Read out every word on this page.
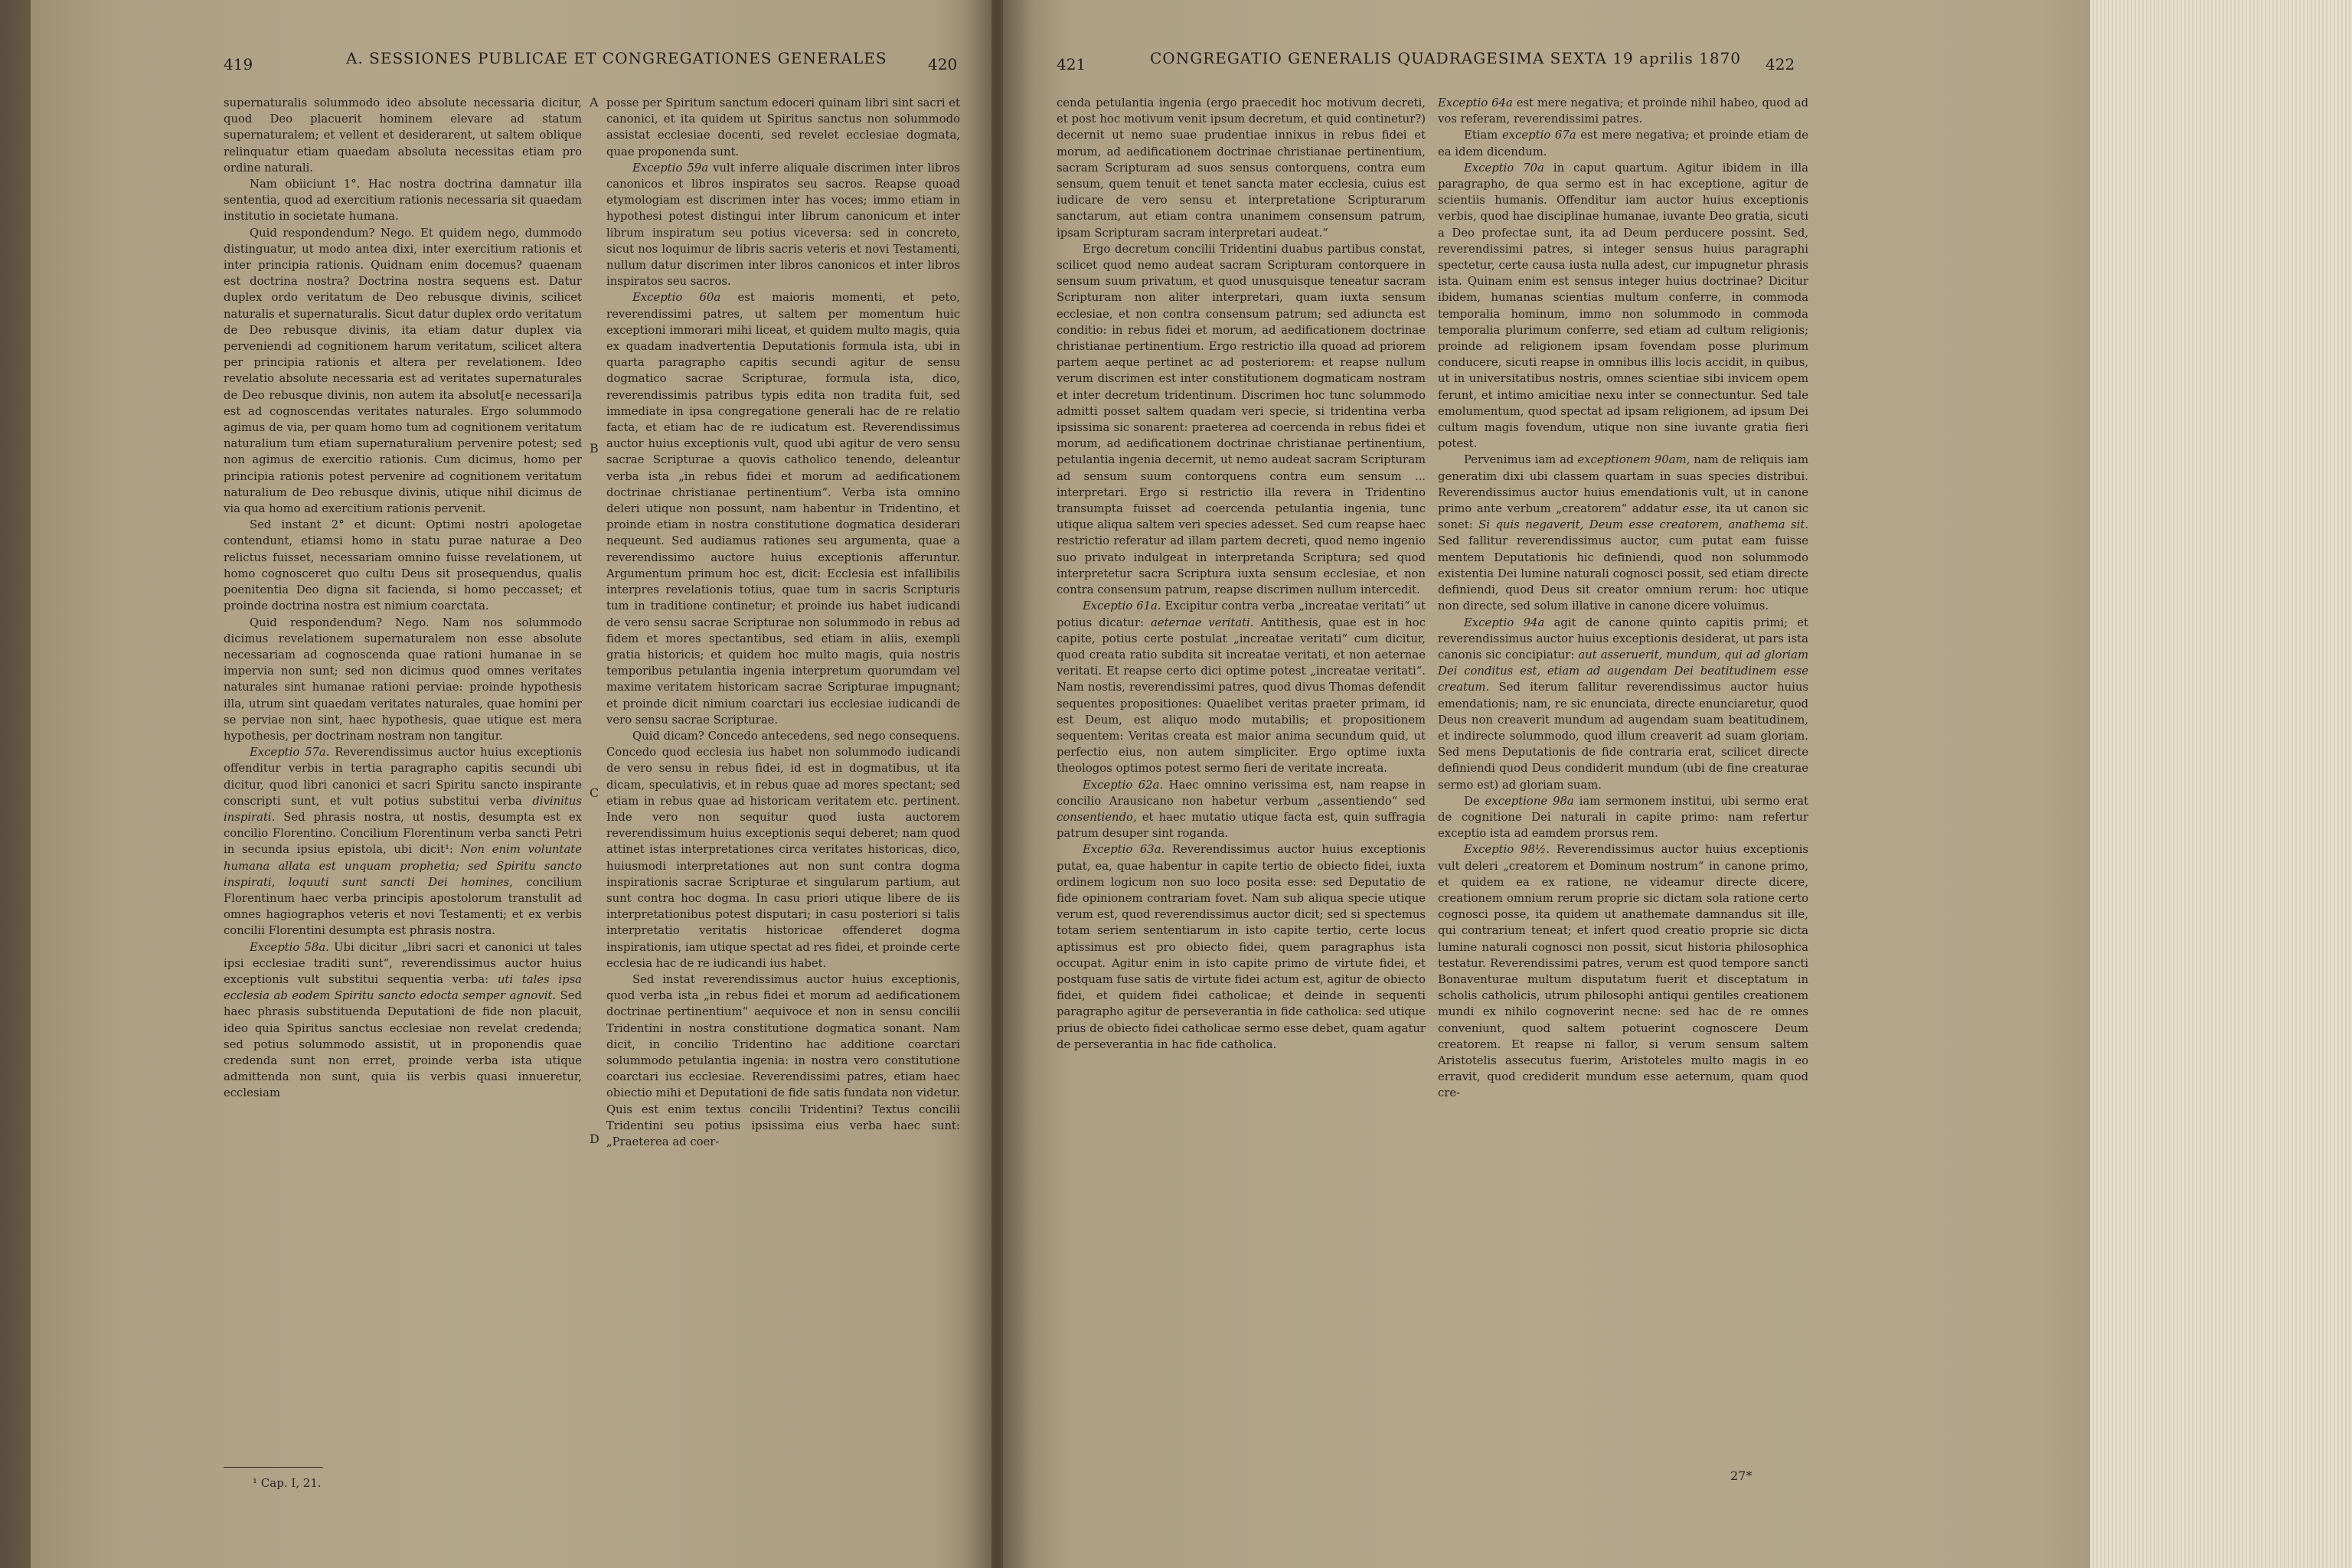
419	A. SESSIONES PUBLICAE ET CONGREGATIONES GENERALES	420

supernaturalis solummodo ideo absolute necessaria dicitur, quod Deo placuerit hominem elevare ad statum supernaturalem; et vellent et desiderarent, ut saltem oblique relinquatur etiam quaedam absoluta necessitas etiam pro ordine naturali.

Nam obiiciunt 1°. Hac nostra doctrina damnatur illa sententia, quod ad exercitium rationis necessaria sit quaedam institutio in societate humana.

Quid respondendum? Nego. Et quidem nego, dummodo distinguatur, ut modo antea dixi, inter exercitium rationis et inter principia rationis. Quidnam enim docemus? quaenam est doctrina nostra? Doctrina nostra sequens est. Datur duplex ordo veritatum de Deo rebusque divinis, scilicet naturalis et supernaturalis. Sicut datur duplex ordo veritatum de Deo rebusque divinis, ita etiam datur duplex via perveniendi ad cognitionem harum veritatum, scilicet altera per principia rationis et altera per revelationem. Ideo revelatio absolute necessaria est ad veritates supernaturales de Deo rebusque divinis, non autem ita absolut[e necessari]a est ad cognoscendas veritates naturales. Ergo solummodo agimus de via, per quam homo tum ad cognitionem veritatum naturalium tum etiam supernaturalium pervenire potest; sed non agimus de exercitio rationis. Cum dicimus, homo per principia rationis potest pervenire ad cognitionem veritatum naturalium de Deo rebusque divinis, utique nihil dicimus de via qua homo ad exercitium rationis pervenit.

Sed instant 2° et dicunt: Optimi nostri apologetae contendunt, etiamsi homo in statu purae naturae a Deo relictus fuisset, necessariam omnino fuisse revelationem, ut homo cognosceret quo cultu Deus sit prosequendus, qualis poenitentia Deo digna sit facienda, si homo peccasset; et proinde doctrina nostra est nimium coarctata.

Quid respondendum? Nego. Nam nos solummodo dicimus revelationem supernaturalem non esse absolute necessariam ad cognoscenda quae rationi humanae in se impervia non sunt; sed non dicimus quod omnes veritates naturales sint humanae rationi perviae: proinde hypothesis illa, utrum sint quaedam veritates naturales, quae homini per se perviae non sint, haec hypothesis, quae utique est mera hypothesis, per doctrinam nostram non tangitur.

Exceptio 57a. Reverendissimus auctor huius exceptionis offenditur verbis in tertia paragrapho capitis secundi ubi dicitur, quod libri canonici et sacri Spiritu sancto inspirante conscripti sunt, et vult potius substitui verba divinitus inspirati. Sed phrasis nostra, ut nostis, desumpta est ex concilio Florentino. Concilium Florentinum verba sancti Petri in secunda ipsius epistola, ubi dicit¹: Non enim voluntate humana allata est unquam prophetia; sed Spiritu sancto inspirati, loquuti sunt sancti Dei homines, concilium Florentinum haec verba principis apostolorum transtulit ad omnes hagiographos veteris et novi Testamenti; et ex verbis concilii Florentini desumpta est phrasis nostra.

Exceptio 58a. Ubi dicitur „libri sacri et canonici ut tales ipsi ecclesiae traditi sunt“, reverendissimus auctor huius exceptionis vult substitui sequentia verba: uti tales ipsa ecclesia ab eodem Spiritu sancto edocta semper agnovit. Sed haec phrasis substituenda Deputationi de fide non placuit, ideo quia Spiritus sanctus ecclesiae non revelat credenda; sed potius solummodo assistit, ut in proponendis quae credenda sunt non erret, proinde verba ista utique admittenda non sunt, quia iis verbis quasi innueretur, ecclesiam

posse per Spiritum sanctum edoceri quinam libri sint sacri et canonici, et ita quidem ut Spiritus sanctus non solummodo assistat ecclesiae docenti, sed revelet ecclesiae dogmata, quae proponenda sunt.

Exceptio 59a vult inferre aliquale discrimen inter libros canonicos et libros inspiratos seu sacros. Reapse quoad etymologiam est discrimen inter has voces; immo etiam in hypothesi potest distingui inter librum canonicum et inter librum inspiratum seu potius viceversa: sed in concreto, sicut nos loquimur de libris sacris veteris et novi Testamenti, nullum datur discrimen inter libros canonicos et inter libros inspiratos seu sacros.

Exceptio 60a est maioris momenti, et peto, reverendissimi patres, ut saltem per momentum huic exceptioni immorari mihi liceat, et quidem multo magis, quia ex quadam inadvertentia Deputationis formula ista, ubi in quarta paragrapho capitis secundi agitur de sensu dogmatico sacrae Scripturae, formula ista, dico, reverendissimis patribus typis edita non tradita fuit, sed immediate in ipsa congregatione generali hac de re relatio facta, et etiam hac de re iudicatum est. Reverendissimus auctor huius exceptionis vult, quod ubi agitur de vero sensu sacrae Scripturae a quovis catholico tenendo, deleantur verba ista „in rebus fidei et morum ad aedificationem doctrinae christianae pertinentium“. Verba ista omnino deleri utique non possunt, nam habentur in Tridentino, et proinde etiam in nostra constitutione dogmatica desiderari nequeunt. Sed audiamus rationes seu argumenta, quae a reverendissimo auctore huius exceptionis afferuntur. Argumentum primum hoc est, dicit: Ecclesia est infallibilis interpres revelationis totius, quae tum in sacris Scripturis tum in traditione continetur; et proinde ius habet iudicandi de vero sensu sacrae Scripturae non solummodo in rebus ad fidem et mores spectantibus, sed etiam in aliis, exempli gratia historicis; et quidem hoc multo magis, quia nostris temporibus petulantia ingenia interpretum quorumdam vel maxime veritatem historicam sacrae Scripturae impugnant; et proinde dicit nimium coarctari ius ecclesiae iudicandi de vero sensu sacrae Scripturae.

Quid dicam? Concedo antecedens, sed nego consequens. Concedo quod ecclesia ius habet non solummodo iudicandi de vero sensu in rebus fidei, id est in dogmatibus, ut ita dicam, speculativis, et in rebus quae ad mores spectant; sed etiam in rebus quae ad historicam veritatem etc. pertinent. Inde vero non sequitur quod iusta auctorem reverendissimum huius exceptionis sequi deberet; nam quod attinet istas interpretationes circa veritates historicas, dico, huiusmodi interpretationes aut non sunt contra dogma inspirationis sacrae Scripturae et singularum partium, aut sunt contra hoc dogma. In casu priori utique libere de iis interpretationibus potest disputari; in casu posteriori si talis interpretatio veritatis historicae offenderet dogma inspirationis, iam utique spectat ad res fidei, et proinde certe ecclesia hac de re iudicandi ius habet.

Sed instat reverendissimus auctor huius exceptionis, quod verba ista „in rebus fidei et morum ad aedificationem doctrinae pertinentium“ aequivoce et non in sensu concilii Tridentini in nostra constitutione dogmatica sonant. Nam dicit, in concilio Tridentino hac additione coarctari solummodo petulantia ingenia: in nostra vero constitutione coarctari ius ecclesiae. Reverendissimi patres, etiam haec obiectio mihi et Deputationi de fide satis fundata non videtur. Quis est enim textus concilii Tridentini? Textus concilii Tridentini seu potius ipsissima eius verba haec sunt: „Praeterea ad coer-

A
B
C
D
¹ Cap. I, 21.
421	CONGREGATIO GENERALIS QUADRAGESIMA SEXTA 19 aprilis 1870 422

cenda petulantia ingenia (ergo praecedit hoc motivum decreti, et post hoc motivum venit ipsum decretum, et quid continetur?) decernit ut nemo suae prudentiae innixus in rebus fidei et morum, ad aedificationem doctrinae christianae pertinentium, sacram Scripturam ad suos sensus contorquens, contra eum sensum, quem tenuit et tenet sancta mater ecclesia, cuius est iudicare de vero sensu et interpretatione Scripturarum sanctarum, aut etiam contra unanimem consensum patrum, ipsam Scripturam sacram interpretari audeat.“

Ergo decretum concilii Tridentini duabus partibus constat, scilicet quod nemo audeat sacram Scripturam contorquere in sensum suum privatum, et quod unusquisque teneatur sacram Scripturam non aliter interpretari, quam iuxta sensum ecclesiae, et non contra consensum patrum; sed adiuncta est conditio: in rebus fidei et morum, ad aedificationem doctrinae christianae pertinentium. Ergo restrictio illa quoad ad priorem partem aeque pertinet ac ad posteriorem: et reapse nullum verum discrimen est inter constitutionem dogmaticam nostram et inter decretum tridentinum. Discrimen hoc tunc solummodo admitti posset saltem quadam veri specie, si tridentina verba ipsissima sic sonarent: praeterea ad coercenda in rebus fidei et morum, ad aedificationem doctrinae christianae pertinentium, petulantia ingenia decernit, ut nemo audeat sacram Scripturam ad sensum suum contorquens contra eum sensum ... interpretari. Ergo si restrictio illa revera in Tridentino transumpta fuisset ad coercenda petulantia ingenia, tunc utique aliqua saltem veri species adesset. Sed cum reapse haec restrictio referatur ad illam partem decreti, quod nemo ingenio suo privato indulgeat in interpretanda Scriptura; sed quod interpretetur sacra Scriptura iuxta sensum ecclesiae, et non contra consensum patrum, reapse discrimen nullum intercedit.

Exceptio 61a. Excipitur contra verba „increatae veritati“ ut potius dicatur: aeternae veritati. Antithesis, quae est in hoc capite, potius certe postulat „increatae veritati“ cum dicitur, quod creata ratio subdita sit increatae veritati, et non aeternae veritati. Et reapse certo dici optime potest „increatae veritati“. Nam nostis, reverendissimi patres, quod divus Thomas defendit sequentes propositiones: Quaelibet veritas praeter primam, id est Deum, est aliquo modo mutabilis; et propositionem sequentem: Veritas creata est maior anima secundum quid, ut perfectio eius, non autem simpliciter. Ergo optime iuxta theologos optimos potest sermo fieri de veritate increata.

Exceptio 62a. Haec omnino verissima est, nam reapse in concilio Arausicano non habetur verbum „assentiendo“ sed consentiendo, et haec mutatio utique facta est, quin suffragia patrum desuper sint roganda.

Exceptio 63a. Reverendissimus auctor huius exceptionis putat, ea, quae habentur in capite tertio de obiecto fidei, iuxta ordinem logicum non suo loco posita esse: sed Deputatio de fide opinionem contrariam fovet. Nam sub aliqua specie utique verum est, quod reverendissimus auctor dicit; sed si spectemus totam seriem sententiarum in isto capite tertio, certe locus aptissimus est pro obiecto fidei, quem paragraphus ista occupat. Agitur enim in isto capite primo de virtute fidei, et postquam fuse satis de virtute fidei actum est, agitur de obiecto fidei, et quidem fidei catholicae; et deinde in sequenti paragrapho agitur de perseverantia in fide catholica: sed utique prius de obiecto fidei catholicae sermo esse debet, quam agatur de perseverantia in hac fide catholica.

Exceptio 64a est mere negativa; et proinde nihil habeo, quod ad vos referam, reverendissimi patres.

Etiam exceptio 67a est mere negativa; et proinde etiam de ea idem dicendum.

Exceptio 70a in caput quartum. Agitur ibidem in illa paragrapho, de qua sermo est in hac exceptione, agitur de scientiis humanis. Offenditur iam auctor huius exceptionis verbis, quod hae disciplinae humanae, iuvante Deo gratia, sicuti a Deo profectae sunt, ita ad Deum perducere possint. Sed, reverendissimi patres, si integer sensus huius paragraphi spectetur, certe causa iusta nulla adest, cur impugnetur phrasis ista. Quinam enim est sensus integer huius doctrinae? Dicitur ibidem, humanas scientias multum conferre, in commoda temporalia hominum, immo non solummodo in commoda temporalia plurimum conferre, sed etiam ad cultum religionis; proinde ad religionem ipsam fovendam posse plurimum conducere, sicuti reapse in omnibus illis locis accidit, in quibus, ut in universitatibus nostris, omnes scientiae sibi invicem opem ferunt, et intimo amicitiae nexu inter se connectuntur. Sed tale emolumentum, quod spectat ad ipsam religionem, ad ipsum Dei cultum magis fovendum, utique non sine iuvante gratia fieri potest.

Pervenimus iam ad exceptionem 90am, nam de reliquis iam generatim dixi ubi classem quartam in suas species distribui. Reverendissimus auctor huius emendationis vult, ut in canone primo ante verbum „creatorem“ addatur esse, ita ut canon sic sonet: Si quis negaverit, Deum esse creatorem, anathema sit. Sed fallitur reverendissimus auctor, cum putat eam fuisse mentem Deputationis hic definiendi, quod non solummodo existentia Dei lumine naturali cognosci possit, sed etiam directe definiendi, quod Deus sit creator omnium rerum: hoc utique non directe, sed solum illative in canone dicere voluimus.

Exceptio 94a agit de canone quinto capitis primi; et reverendissimus auctor huius exceptionis desiderat, ut pars ista canonis sic concipiatur: aut asseruerit, mundum, qui ad gloriam Dei conditus est, etiam ad augendam Dei beatitudinem esse creatum. Sed iterum fallitur reverendissimus auctor huius emendationis; nam, re sic enunciata, directe enunciaretur, quod Deus non creaverit mundum ad augendam suam beatitudinem, et indirecte solummodo, quod illum creaverit ad suam gloriam. Sed mens Deputationis de fide contraria erat, scilicet directe definiendi quod Deus condiderit mundum (ubi de fine creaturae sermo est) ad gloriam suam.

De exceptione 98a iam sermonem institui, ubi sermo erat de cognitione Dei naturali in capite primo: nam refertur exceptio ista ad eamdem prorsus rem.

Exceptio 98½. Reverendissimus auctor huius exceptionis vult deleri „creatorem et Dominum nostrum“ in canone primo, et quidem ea ex ratione, ne videamur directe dicere, creationem omnium rerum proprie sic dictam sola ratione certo cognosci posse, ita quidem ut anathemate damnandus sit ille, qui contrarium teneat; et infert quod creatio proprie sic dicta lumine naturali cognosci non possit, sicut historia philosophica testatur. Reverendissimi patres, verum est quod tempore sancti Bonaventurae multum disputatum fuerit et disceptatum in scholis catholicis, utrum philosophi antiqui gentiles creationem mundi ex nihilo cognoverint necne: sed hac de re omnes conveniunt, quod saltem potuerint cognoscere Deum creatorem. Et reapse ni fallor, si verum sensum saltem Aristotelis assecutus fuerim, Aristoteles multo magis in eo erravit, quod crediderit mundum esse aeternum, quam quod cre-

27*
